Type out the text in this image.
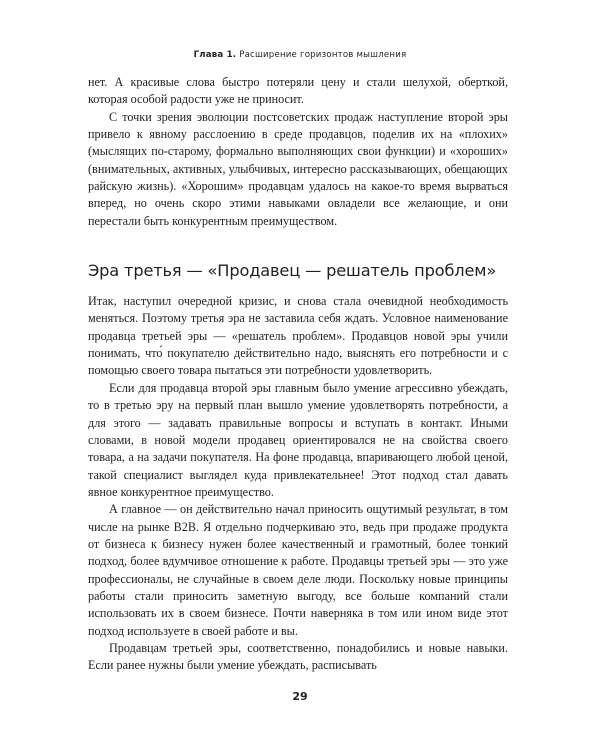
Глава 1. Расширение горизонтов мышления

нет. А красивые слова быстро потеряли цену и стали шелухой, оберткой, которая особой радости уже не приносит.

С точки зрения эволюции постсоветских продаж наступление второй эры привело к явному расслоению в среде продавцов, поделив их на «плохих» (мыслящих по-старому, формально выполняющих свои функции) и «хороших» (внимательных, активных, улыбчивых, интересно рассказывающих, обещающих райскую жизнь). «Хорошим» продавцам удалось на какое-то время вырваться вперед, но очень скоро этими навыками овладели все желающие, и они перестали быть конкурентным преимуществом.

Эра третья — «Продавец — решатель проблем»

Итак, наступил очередной кризис, и снова стала очевидной необходимость меняться. Поэтому третья эра не заставила себя ждать. Условное наименование продавца третьей эры — «решатель проблем». Продавцов новой эры учили понимать, что́ покупателю действительно надо, выяснять его потребности и с помощью своего товара пытаться эти потребности удовлетворить.

Если для продавца второй эры главным было умение агрессивно убеждать, то в третью эру на первый план вышло умение удовлетворять потребности, а для этого — задавать правильные вопросы и вступать в контакт. Иными словами, в новой модели продавец ориентировался не на свойства своего товара, а на задачи покупателя. На фоне продавца, впаривающего любой ценой, такой специалист выглядел куда привлекательнее! Этот подход стал давать явное конкурентное преимущество.

А главное — он действительно начал приносить ощутимый результат, в том числе на рынке B2B. Я отдельно подчеркиваю это, ведь при продаже продукта от бизнеса к бизнесу нужен более качественный и грамотный, более тонкий подход, более вдумчивое отношение к работе. Продавцы третьей эры — это уже профессионалы, не случайные в своем деле люди. Поскольку новые принципы работы стали приносить заметную выгоду, все больше компаний стали использовать их в своем бизнесе. Почти наверняка в том или ином виде этот подход используете в своей работе и вы.

Продавцам третьей эры, соответственно, понадобились и новые навыки. Если ранее нужны были умение убеждать, расписывать

29
